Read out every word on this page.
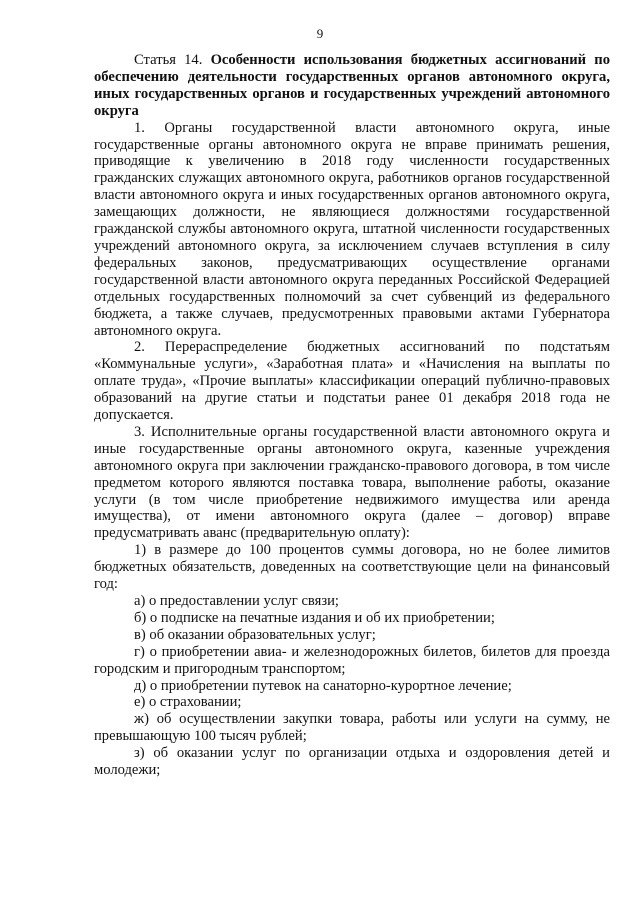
9

Статья 14. Особенности использования бюджетных ассигнований по обеспечению деятельности государственных органов автономного округа, иных государственных органов и государственных учреждений автономного округа

1. Органы государственной власти автономного округа, иные государственные органы автономного округа не вправе принимать решения, приводящие к увеличению в 2018 году численности государственных гражданских служащих автономного округа, работников органов государственной власти автономного округа и иных государственных органов автономного округа, замещающих должности, не являющиеся должностями государственной гражданской службы автономного округа, штатной численности государственных учреждений автономного округа, за исключением случаев вступления в силу федеральных законов, предусматривающих осуществление органами государственной власти автономного округа переданных Российской Федерацией отдельных государственных полномочий за счет субвенций из федерального бюджета, а также случаев, предусмотренных правовыми актами Губернатора автономного округа.

2. Перераспределение бюджетных ассигнований по подстатьям «Коммунальные услуги», «Заработная плата» и «Начисления на выплаты по оплате труда», «Прочие выплаты» классификации операций публично-правовых образований на другие статьи и подстатьи ранее 01 декабря 2018 года не допускается.

3. Исполнительные органы государственной власти автономного округа и иные государственные органы автономного округа, казенные учреждения автономного округа при заключении гражданско-правового договора, в том числе предметом которого являются поставка товара, выполнение работы, оказание услуги (в том числе приобретение недвижимого имущества или аренда имущества), от имени автономного округа (далее – договор) вправе предусматривать аванс (предварительную оплату):

1) в размере до 100 процентов суммы договора, но не более лимитов бюджетных обязательств, доведенных на соответствующие цели на финансовый год:

а) о предоставлении услуг связи;

б) о подписке на печатные издания и об их приобретении;

в) об оказании образовательных услуг;

г) о приобретении авиа- и железнодорожных билетов, билетов для проезда городским и пригородным транспортом;

д) о приобретении путевок на санаторно-курортное лечение;

е) о страховании;

ж) об осуществлении закупки товара, работы или услуги на сумму, не превышающую 100 тысяч рублей;

з) об оказании услуг по организации отдыха и оздоровления детей и молодежи;
